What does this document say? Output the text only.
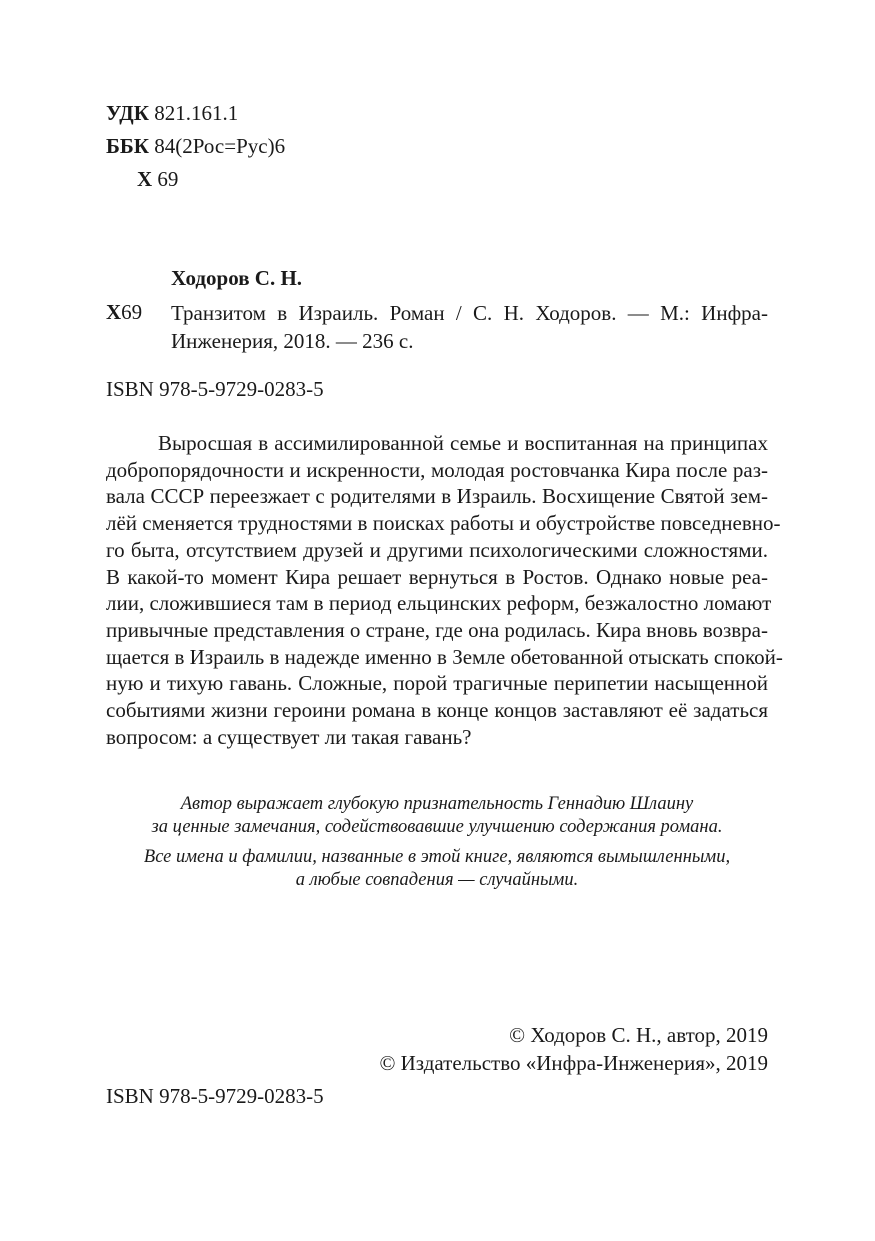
УДК 821.161.1
ББК 84(2Рос=Рус)6
Х 69
Ходоров С. Н.
Х69 Транзитом в Израиль. Роман / С. Н. Ходоров. — М.: Инфра-
Инженерия, 2018. — 236 с.
ISBN 978-5-9729-0283-5
Выросшая в ассимилированной семье и воспитанная на принципах
добропорядочности и искренности, молодая ростовчанка Кира после раз-
вала СССР переезжает с родителями в Израиль. Восхищение Святой зем-
лёй сменяется трудностями в поисках работы и обустройстве повседневно-
го быта, отсутствием друзей и другими психологическими сложностями.
В какой-то момент Кира решает вернуться в Ростов. Однако новые реа-
лии, сложившиеся там в период ельцинских реформ, безжалостно ломают
привычные представления о стране, где она родилась. Кира вновь возвра-
щается в Израиль в надежде именно в Земле обетованной отыскать спокой-
ную и тихую гавань. Сложные, порой трагичные перипетии насыщенной
событиями жизни героини романа в конце концов заставляют её задаться
вопросом: а существует ли такая гавань?
Автор выражает глубокую признательность Геннадию Шлаину
за ценные замечания, содействовавшие улучшению содержания романа.
Все имена и фамилии, названные в этой книге, являются вымышленными,
а любые совпадения — случайными.
© Ходоров С. Н., автор, 2019
© Издательство «Инфра-Инженерия», 2019
ISBN 978-5-9729-0283-5
